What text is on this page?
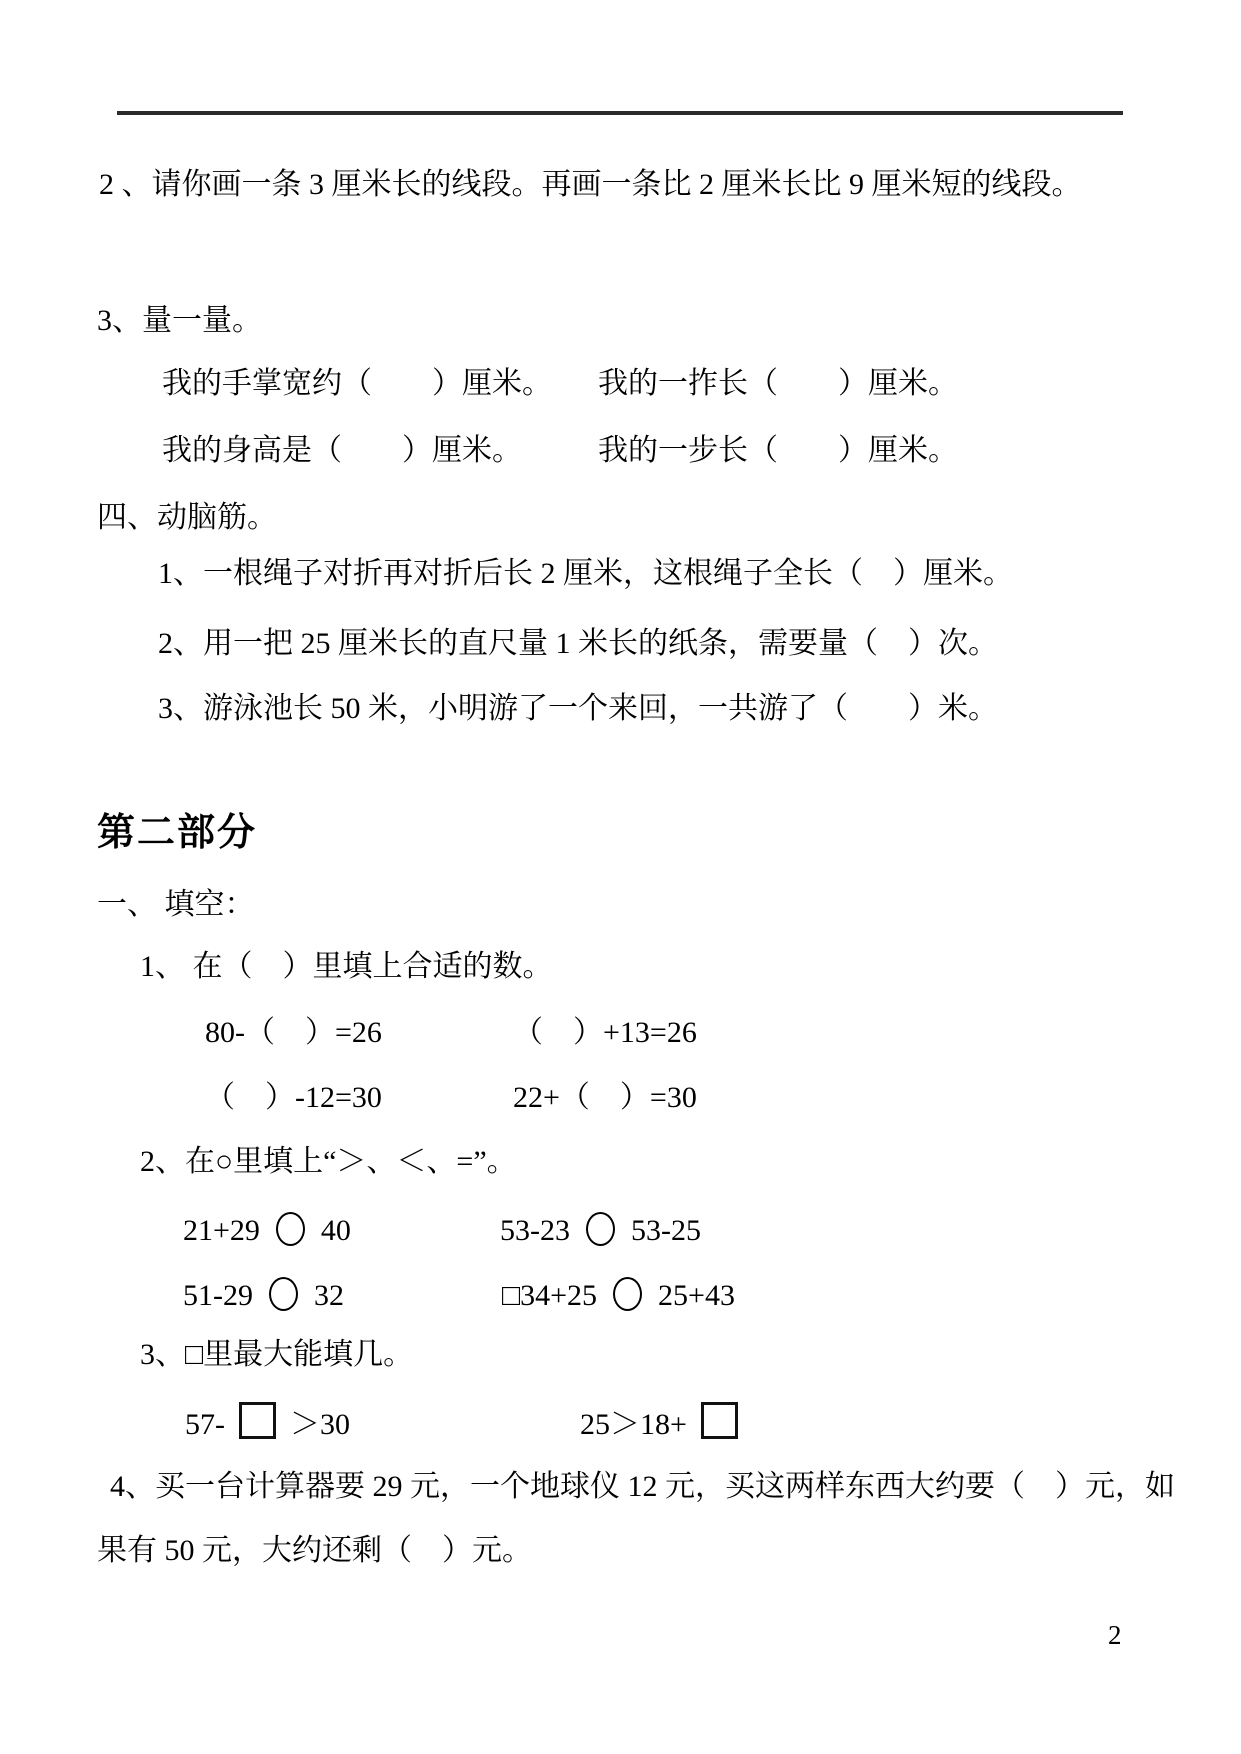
2 、请你画一条 3 厘米长的线段。再画一条比 2 厘米长比 9 厘米短的线段。
3、量一量。
我的手掌宽约（　　）厘米。 我的一拃长（　　）厘米。
我的身高是（　　）厘米。	我的一步长（　　）厘米。
四、动脑筋。
1、一根绳子对折再对折后长 2 厘米，这根绳子全长（　）厘米。
2、用一把 25 厘米长的直尺量 1 米长的纸条，需要量（　）次。
3、游泳池长 50 米，小明游了一个来回，一共游了（　　）米。
第二部分
一、 填空：
1、 在（　）里填上合适的数。
80-（　）=26	（　）+13=26
（　）-12=30	22+（　）=30
2、在○里填上“＞、＜、=”。
21+29 40	53-23 53-25
51-29 32	□34+25 25+43
3、□里最大能填几。
57- ＞30	25＞18+
4、买一台计算器要 29 元，一个地球仪 12 元，买这两样东西大约要（　）元，如
果有 50 元，大约还剩（　）元。
2
